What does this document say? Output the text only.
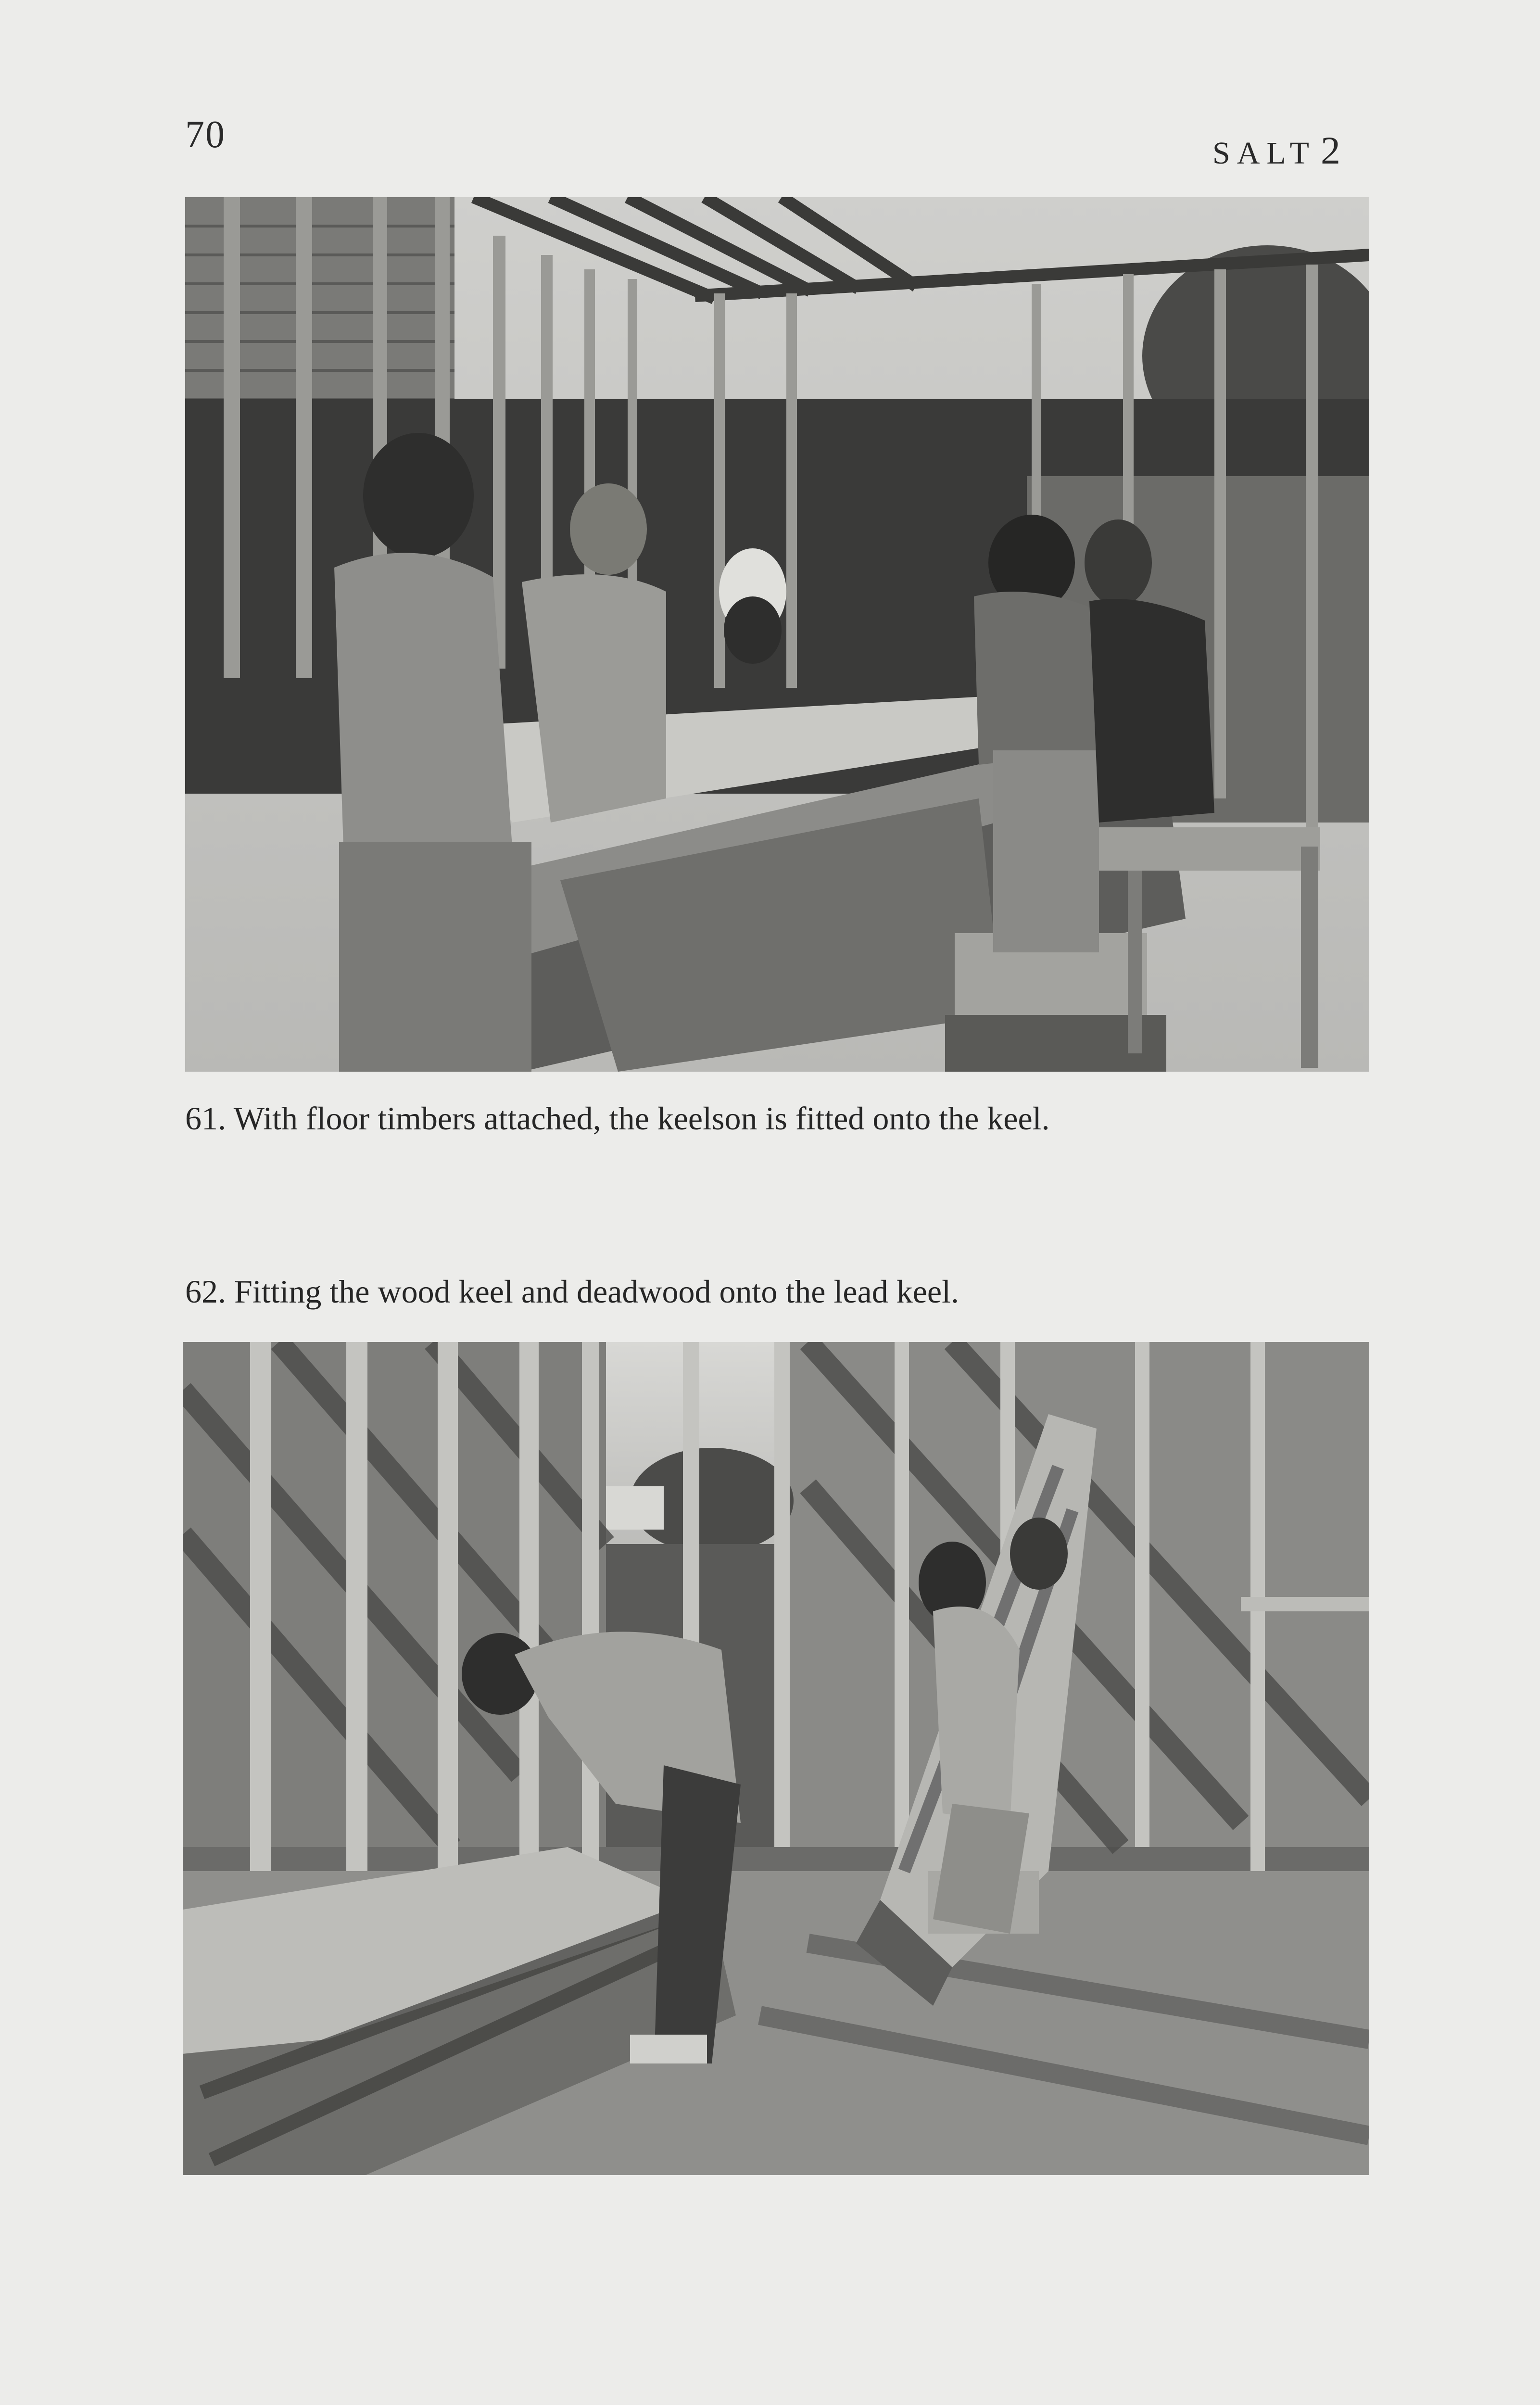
70	SALT 2
61. With floor timbers attached, the keelson is fitted onto the keel.
62. Fitting the wood keel and deadwood onto the lead keel.
